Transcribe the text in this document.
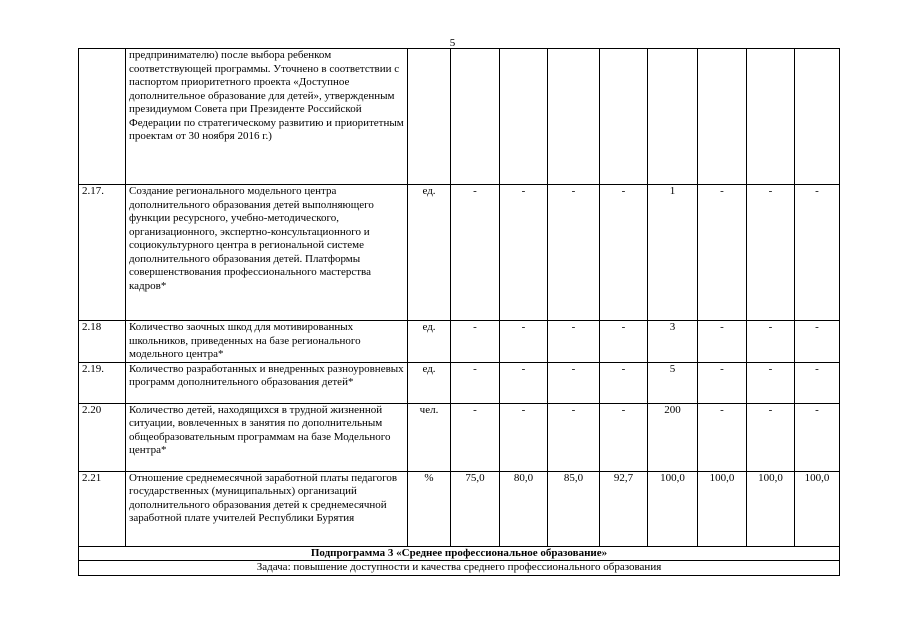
5
	предпринимателю) после выбора ребенком соответствующей программы. Уточнено в соответствии с паспортом приоритетного проекта «Доступное дополнительное образование для детей», утвержденным президиумом Совета при Президенте Российской Федерации по стратегическому развитию и приоритетным проектам от 30 ноября 2016 г.)									
2.17.	Создание регионального модельного центра дополнительного образования детей выполняющего функции ресурсного, учебно-методического, организационного, экспертно-консультационного и социокультурного центра в региональной системе дополнительного образования детей. Платформы совершенствования профессионального мастерства кадров*	ед.	-	-	-	-	1	-	-	-
2.18	Количество заочных шкод для мотивированных школьников, приведенных на базе регионального модельного центра*	ед.	-	-	-	-	3	-	-	-
2.19.	Количество разработанных и внедренных разноуровневых программ дополнительного образования детей*	ед.	-	-	-	-	5	-	-	-
2.20	Количество детей, находящихся в трудной жизненной ситуации, вовлеченных в занятия по дополнительным общеобразовательным программам на базе Модельного центра*	чел.	-	-	-	-	200	-	-	-
2.21	Отношение среднемесячной заработной платы педагогов государственных (муниципальных) организаций дополнительного образования детей к среднемесячной заработной плате учителей Республики Бурятия	%	75,0	80,0	85,0	92,7	100,0	100,0	100,0	100,0
Подпрограмма 3 «Среднее профессиональное образование»										
Задача: повышение доступности и качества среднего профессионального образования										
